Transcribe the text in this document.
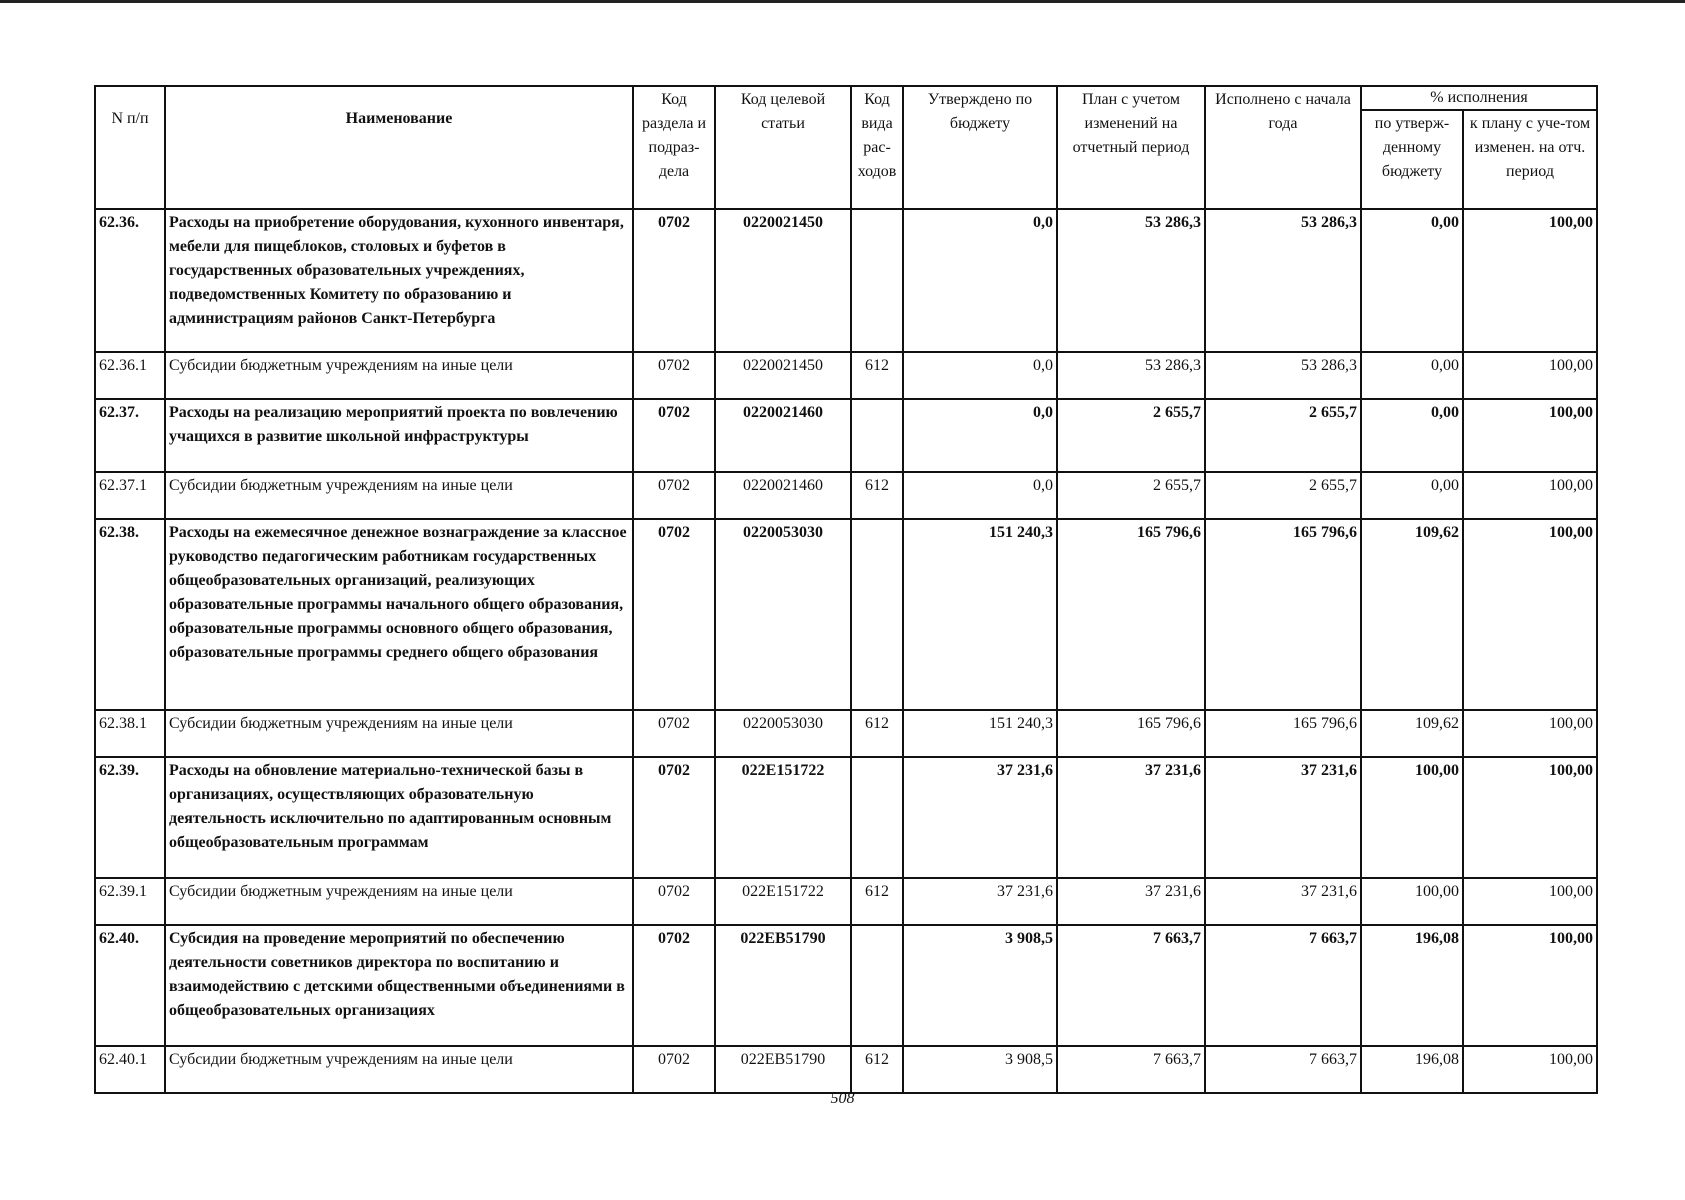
N п/п	Наименование	Код раздела и подраз-дела	Код целевой статьи	Код вида рас-ходов	Утверждено по бюджету	План с учетом изменений на отчетный период	Исполнено с начала года	% исполнения	
								по утверж-денному бюджету	к плану с уче-том изменен. на отч. период
62.36.	Расходы на приобретение оборудования, кухонного инвентаря, мебели для пищеблоков, столовых и буфетов в государственных образовательных учреждениях, подведомственных Комитету по образованию и администрациям районов Санкт-Петербурга	0702	0220021450		0,0	53 286,3	53 286,3	0,00	100,00
62.36.1	Субсидии бюджетным учреждениям на иные цели	0702	0220021450	612	0,0	53 286,3	53 286,3	0,00	100,00
62.37.	Расходы на реализацию мероприятий проекта по вовлечению учащихся в развитие школьной инфраструктуры	0702	0220021460		0,0	2 655,7	2 655,7	0,00	100,00
62.37.1	Субсидии бюджетным учреждениям на иные цели	0702	0220021460	612	0,0	2 655,7	2 655,7	0,00	100,00
62.38.	Расходы на ежемесячное денежное вознаграждение за классное руководство педагогическим работникам государственных общеобразовательных организаций, реализующих образовательные программы начального общего образования, образовательные программы основного общего образования, образовательные программы среднего общего образования	0702	0220053030		151 240,3	165 796,6	165 796,6	109,62	100,00
62.38.1	Субсидии бюджетным учреждениям на иные цели	0702	0220053030	612	151 240,3	165 796,6	165 796,6	109,62	100,00
62.39.	Расходы на обновление материально-технической базы в организациях, осуществляющих образовательную деятельность исключительно по адаптированным основным общеобразовательным программам	0702	022E151722		37 231,6	37 231,6	37 231,6	100,00	100,00
62.39.1	Субсидии бюджетным учреждениям на иные цели	0702	022E151722	612	37 231,6	37 231,6	37 231,6	100,00	100,00
62.40.	Субсидия на проведение мероприятий по обеспечению деятельности советников директора по воспитанию и взаимодействию с детскими общественными объединениями в общеобразовательных организациях	0702	022EB51790		3 908,5	7 663,7	7 663,7	196,08	100,00
62.40.1	Субсидии бюджетным учреждениям на иные цели	0702	022EB51790	612	3 908,5	7 663,7	7 663,7	196,08	100,00
508
